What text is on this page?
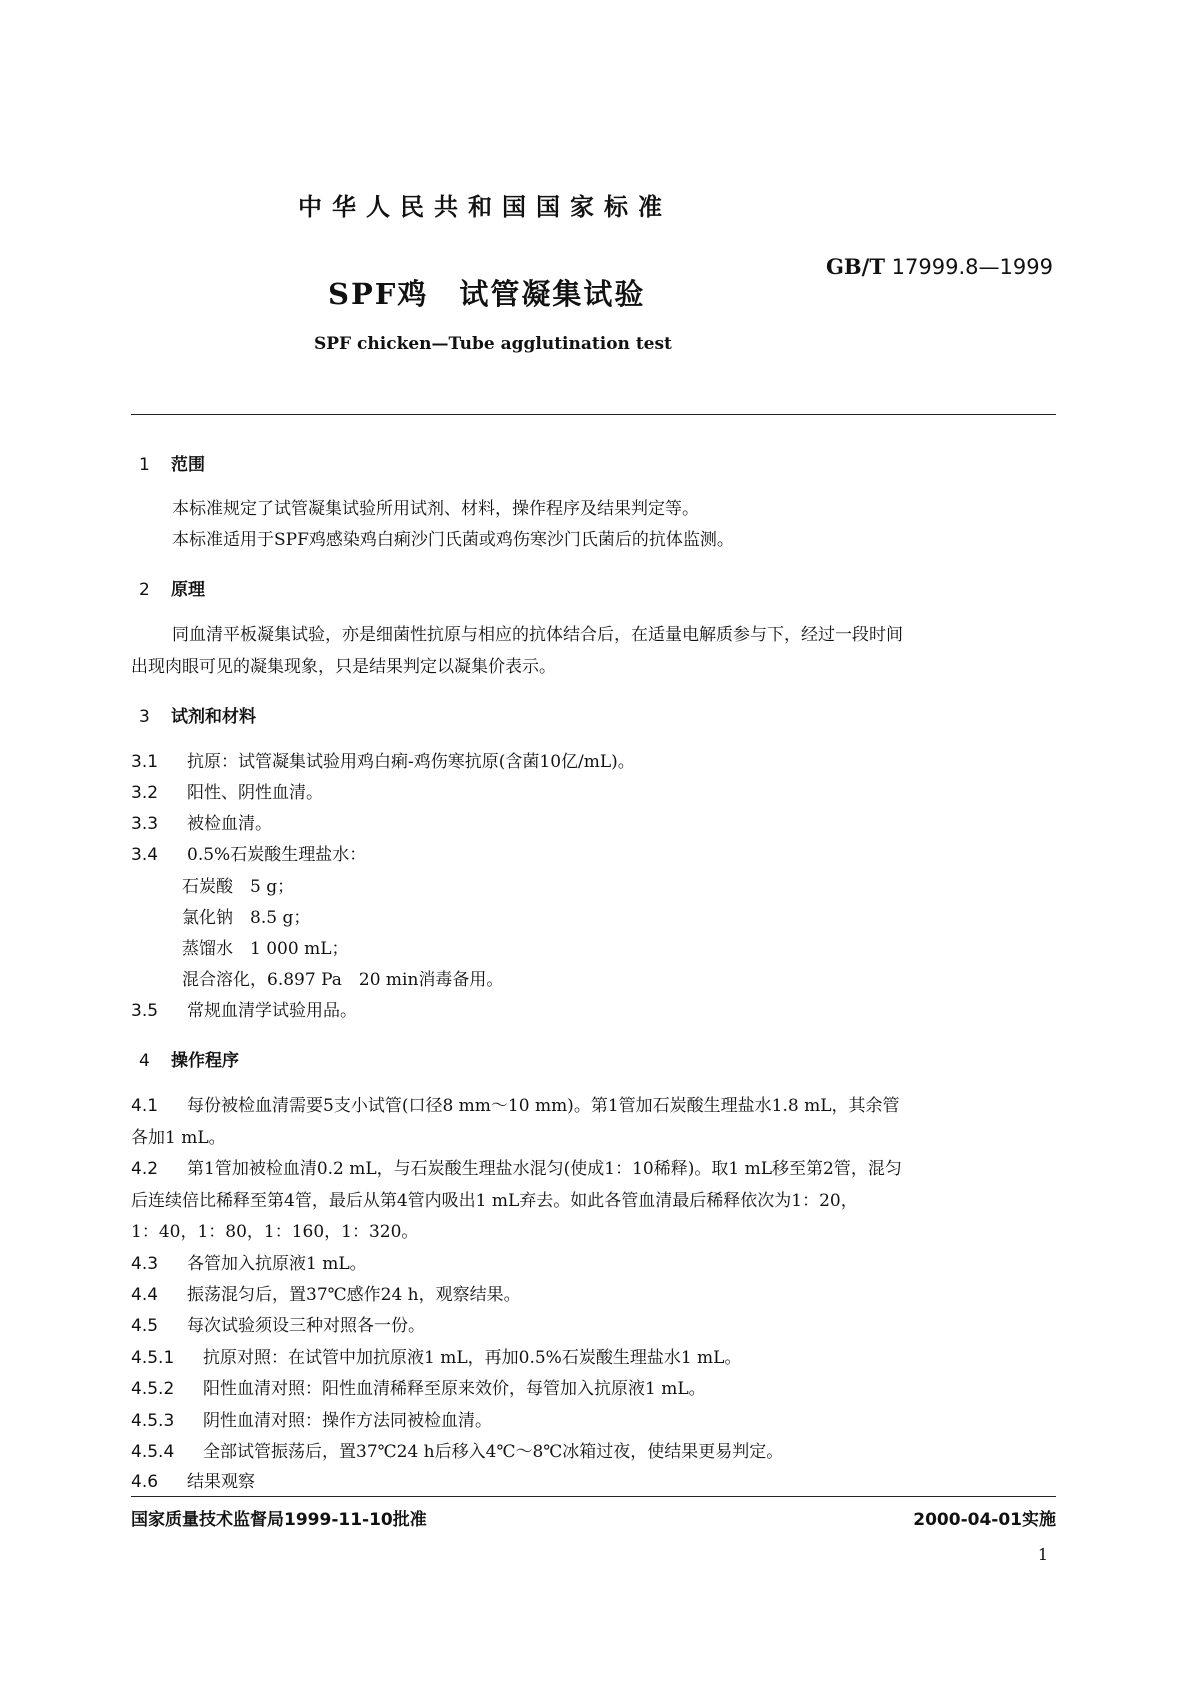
中华人民共和国国家标准
GB/T 17999.8—1999
SPF鸡　试管凝集试验
SPF chicken—Tube agglutination test
1 范围
本标准规定了试管凝集试验所用试剂、材料，操作程序及结果判定等。
本标准适用于SPF鸡感染鸡白痢沙门氏菌或鸡伤寒沙门氏菌后的抗体监测。
2 原理
同血清平板凝集试验，亦是细菌性抗原与相应的抗体结合后，在适量电解质参与下，经过一段时间
出现肉眼可见的凝集现象，只是结果判定以凝集价表示。
3 试剂和材料
3.1 抗原：试管凝集试验用鸡白痢-鸡伤寒抗原(含菌10亿/mL)。
3.2 阳性、阴性血清。
3.3 被检血清。
3.4 0.5%石炭酸生理盐水：
石炭酸　5 g；
氯化钠　8.5 g；
蒸馏水　1 000 mL；
混合溶化，6.897 Pa　20 min消毒备用。
3.5 常规血清学试验用品。
4 操作程序
4.1 每份被检血清需要5支小试管(口径8 mm～10 mm)。第1管加石炭酸生理盐水1.8 mL，其余管
各加1 mL。
4.2 第1管加被检血清0.2 mL，与石炭酸生理盐水混匀(使成1：10稀释)。取1 mL移至第2管，混匀
后连续倍比稀释至第4管，最后从第4管内吸出1 mL弃去。如此各管血清最后稀释依次为1：20，
1：40，1：80，1：160，1：320。
4.3 各管加入抗原液1 mL。
4.4 振荡混匀后，置37℃感作24 h，观察结果。
4.5 每次试验须设三种对照各一份。
4.5.1 抗原对照：在试管中加抗原液1 mL，再加0.5%石炭酸生理盐水1 mL。
4.5.2 阳性血清对照：阳性血清稀释至原来效价，每管加入抗原液1 mL。
4.5.3 阴性血清对照：操作方法同被检血清。
4.5.4 全部试管振荡后，置37℃24 h后移入4℃～8℃冰箱过夜，使结果更易判定。
4.6 结果观察
国家质量技术监督局1999-11-10批准	2000-04-01实施
1
